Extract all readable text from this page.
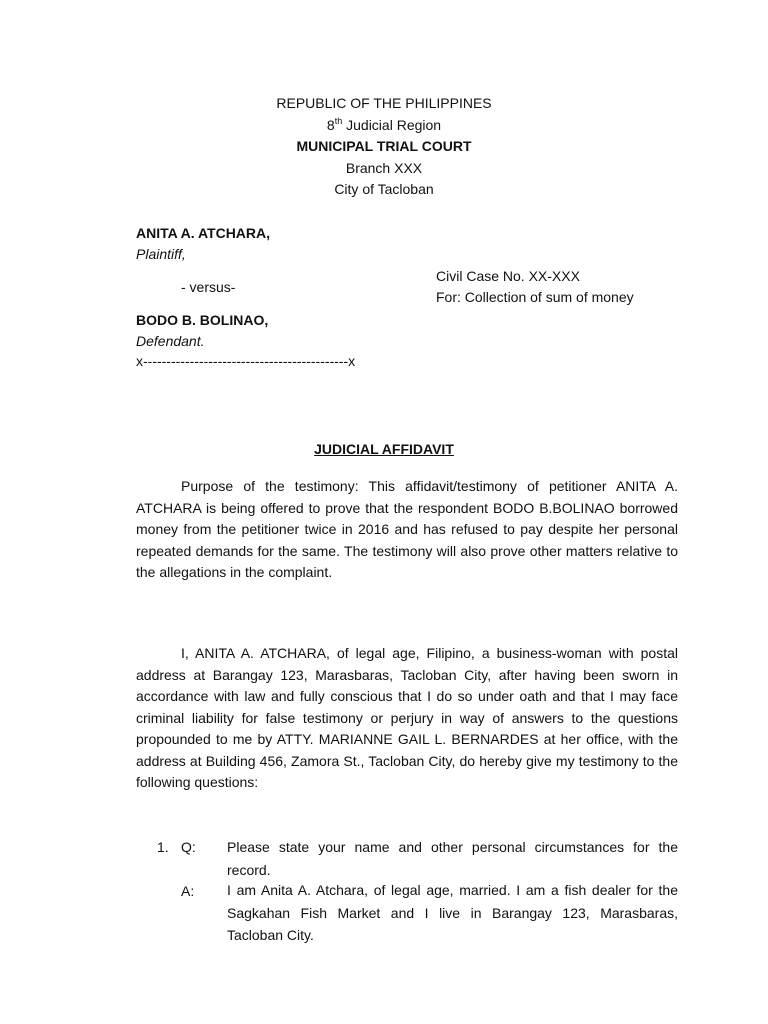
REPUBLIC OF THE PHILIPPINES
8th Judicial Region
MUNICIPAL TRIAL COURT
Branch XXX
City of Tacloban
ANITA A. ATCHARA,
Plaintiff,
- versus-
BODO B. BOLINAO,
Defendant.
x--------------------------------------------x
Civil Case No. XX-XXX
For: Collection of sum of money
JUDICIAL AFFIDAVIT
Purpose of the testimony: This affidavit/testimony of petitioner ANITA A. ATCHARA is being offered to prove that the respondent BODO B.BOLINAO borrowed money from the petitioner twice in 2016 and has refused to pay despite her personal repeated demands for the same. The testimony will also prove other matters relative to the allegations in the complaint.
I, ANITA A. ATCHARA, of legal age, Filipino, a business-woman with postal address at Barangay 123, Marasbaras, Tacloban City, after having been sworn in accordance with law and fully conscious that I do so under oath and that I may face criminal liability for false testimony or perjury in way of answers to the questions propounded to me by ATTY. MARIANNE GAIL L. BERNARDES at her office, with the address at Building 456, Zamora St., Tacloban City, do hereby give my testimony to the following questions:
1. Q: Please state your name and other personal circumstances for the record.
A: I am Anita A. Atchara, of legal age, married. I am a fish dealer for the Sagkahan Fish Market and I live in Barangay 123, Marasbaras, Tacloban City.
